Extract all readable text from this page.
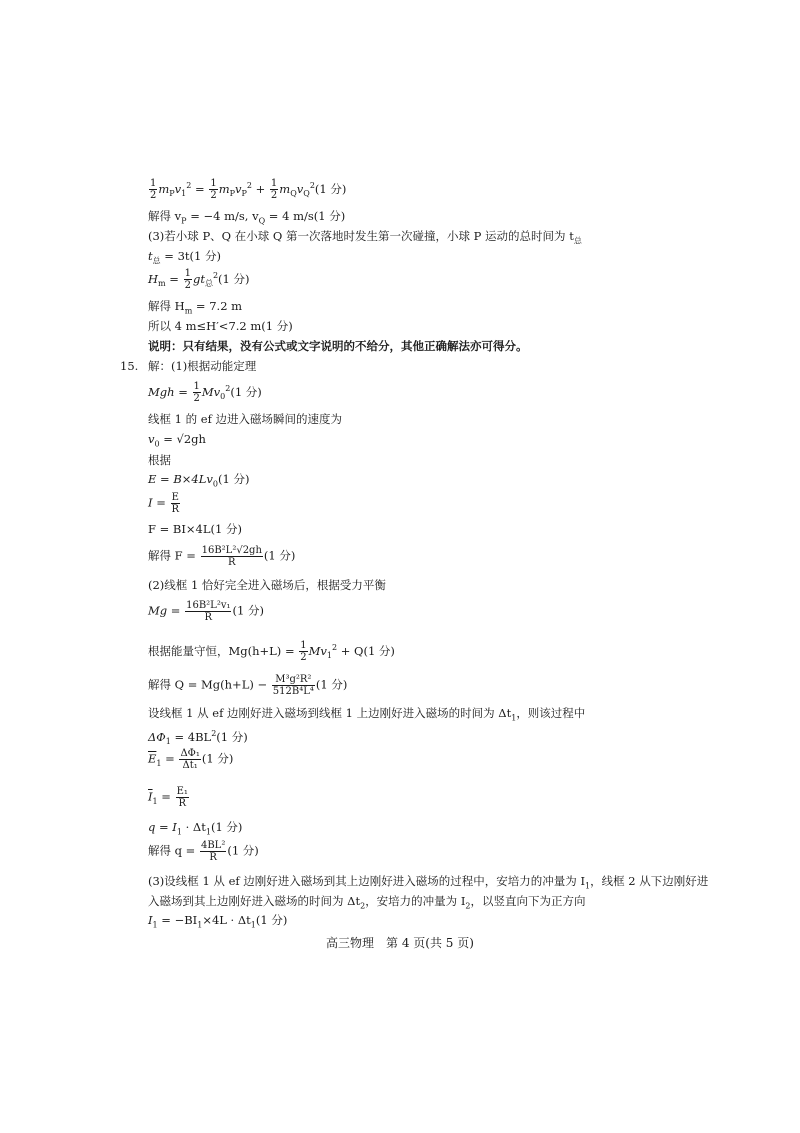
$\frac{1}{2} m_Pv_1^2 = \frac{1}{2} m_Pv_P^2 + \frac{1}{2} m_Qv_Q^2(1$ 分)
解得 $v_P = -4$ m/s, $v_Q = 4$ m/s(1 分)
(3)若小球 P、Q 在小球 Q 第一次落地时发生第一次碰撞，小球 P 运动的总时间为 $t_总$
$t_总 = 3t(1$ 分)
$H_m = \frac{1}{2} gt_总^2(1$ 分)
解得 $H_m = 7.2$ m
所以 4 m≤H′<7.2 m(1 分)
说明：只有结果，没有公式或文字说明的不给分，其他正确解法亦可得分。
15. 解：(1)根据动能定理
Mgh = $\frac{1}{2} Mv_0^2(1$ 分)
线框 1 的 ef 边进入磁场瞬间的速度为
$v_0 = √2gh$
根据
$E = B\times 4Lv_0(1$ 分)
$I = \frac{E}{R}$
F = BI×4L(1 分)
解得 $F = \frac{\text{16B²L²√2gh}}{R} (1$ 分)
(2)线框 1 恰好完全进入磁场后，根据受力平衡
$Mg = \frac{\text{16B²L²v₁}}{R} (1$ 分)
根据能量守恒，$Mg(h+L) = \frac{1}{2} Mv_1^2 + Q(1$ 分)
解得 $Q = Mg(h+L) - \frac{\text{M³g²R²}}{\text{512B⁴L⁴}} (1$ 分)
设线框 1 从 ef 边刚好进入磁场到线框 1 上边刚好进入磁场的时间为 $\Delta t_1$，则该过程中
$\Delta\Phi_1 = 4BL^2(1$ 分)
$\overline{E}_1 = \frac{\text{ΔΦ₁}}{\text{Δt₁}} (1$ 分)
$\overline{I}_1 = \frac{\text{E₁}}{R}$
$q = I_1 \cdot \Delta t_1(1$ 分)
解得 $q = \frac{\text{4BL²}}{R} (1$ 分)
(3)设线框 1 从 ef 边刚好进入磁场到其上边刚好进入磁场的过程中，安培力的冲量为 $I_1$，线框 2 从下边刚好进
入磁场到其上边刚好进入磁场的时间为 $\Delta t_2$，安培力的冲量为 $I_2$，以竖直向下为正方向
$I_1 = -BI_1\times 4L \cdot \Delta t_1(1$ 分)
高三物理　第 4 页(共 5 页)
